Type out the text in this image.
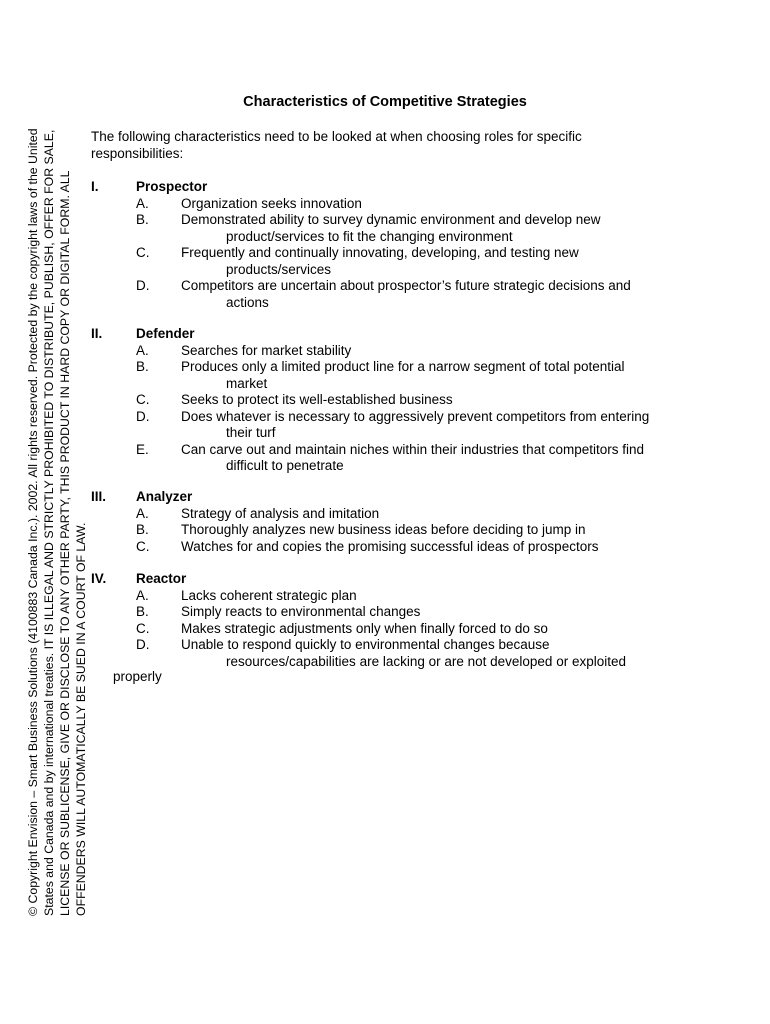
© Copyright Envision – Smart Business Solutions (4100883 Canada Inc.). 2002. All rights reserved. Protected by the copyright laws of the United States and Canada and by international treaties. IT IS ILLEGAL AND STRICTLY PROHIBITED TO DISTRIBUTE, PUBLISH, OFFER FOR SALE, LICENSE OR SUBLICENSE, GIVE OR DISCLOSE TO ANY OTHER PARTY, THIS PRODUCT IN HARD COPY OR DIGITAL FORM. ALL OFFENDERS WILL AUTOMATICALLY BE SUED IN A COURT OF LAW.
Characteristics of Competitive Strategies
The following characteristics need to be looked at when choosing roles for specific responsibilities:
I.	Prospector
A. Organization seeks innovation
B. Demonstrated ability to survey dynamic environment and develop new
product/services to fit the changing environment
C. Frequently and continually innovating, developing, and testing new
products/services
D. Competitors are uncertain about prospector’s future strategic decisions and
actions
II. Defender
A. Searches for market stability
B. Produces only a limited product line for a narrow segment of total potential
market
C. Seeks to protect its well-established business
D. Does whatever is necessary to aggressively prevent competitors from entering
their turf
E. Can carve out and maintain niches within their industries that competitors find
difficult to penetrate
III. Analyzer
A. Strategy of analysis and imitation
B. Thoroughly analyzes new business ideas before deciding to jump in
C. Watches for and copies the promising successful ideas of prospectors
IV. Reactor
A. Lacks coherent strategic plan
B. Simply reacts to environmental changes
C. Makes strategic adjustments only when finally forced to do so
D. Unable to respond quickly to environmental changes because
resources/capabilities are lacking or are not developed or exploited
properly
